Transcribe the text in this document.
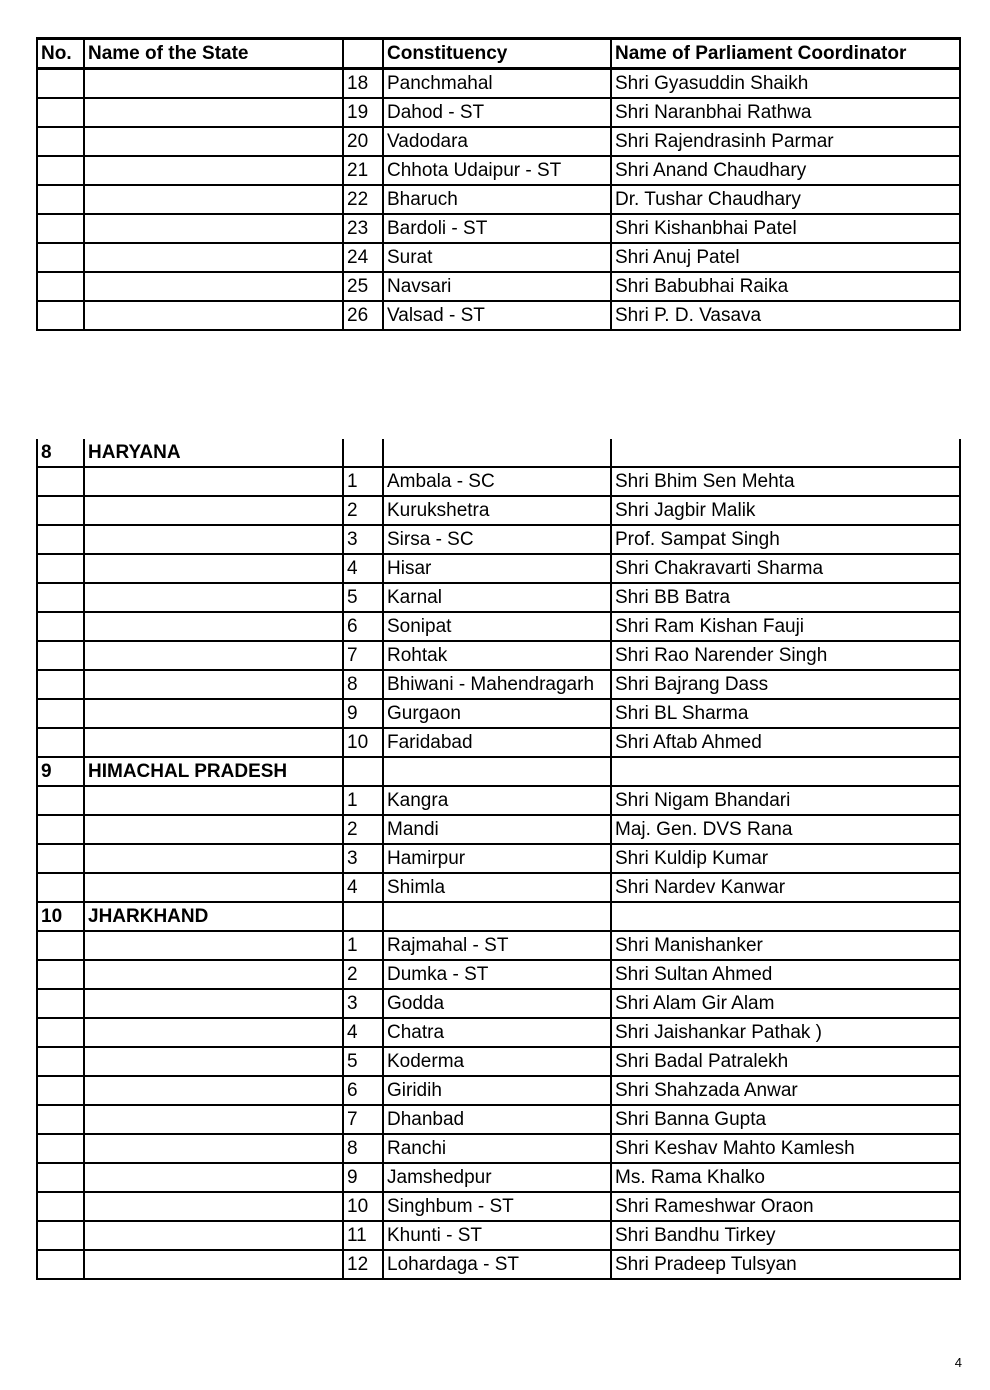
No.	Name of the State		Constituency	Name of Parliament Coordinator
		18	Panchmahal	Shri Gyasuddin Shaikh
		19	Dahod - ST	Shri Naranbhai Rathwa
		20	Vadodara	Shri Rajendrasinh Parmar
		21	Chhota Udaipur - ST	Shri Anand Chaudhary
		22	Bharuch	Dr. Tushar Chaudhary
		23	Bardoli - ST	Shri Kishanbhai Patel
		24	Surat	Shri Anuj Patel
		25	Navsari	Shri Babubhai Raika
		26	Valsad - ST	Shri P. D. Vasava
8	HARYANA			
		1	Ambala - SC	Shri Bhim Sen Mehta
		2	Kurukshetra	Shri Jagbir Malik
		3	Sirsa - SC	Prof. Sampat Singh
		4	Hisar	Shri Chakravarti Sharma
		5	Karnal	Shri BB Batra
		6	Sonipat	Shri Ram Kishan Fauji
		7	Rohtak	Shri Rao Narender Singh
		8	Bhiwani - Mahendragarh	Shri Bajrang Dass
		9	Gurgaon	Shri BL Sharma
		10	Faridabad	Shri Aftab Ahmed
9	HIMACHAL PRADESH			
		1	Kangra	Shri Nigam Bhandari
		2	Mandi	Maj. Gen. DVS Rana
		3	Hamirpur	Shri Kuldip Kumar
		4	Shimla	Shri Nardev Kanwar
10	JHARKHAND			
		1	Rajmahal - ST	Shri Manishanker
		2	Dumka - ST	Shri Sultan Ahmed
		3	Godda	Shri Alam Gir Alam
		4	Chatra	Shri Jaishankar Pathak )
		5	Koderma	Shri Badal Patralekh
		6	Giridih	Shri Shahzada Anwar
		7	Dhanbad	Shri Banna Gupta
		8	Ranchi	Shri Keshav Mahto Kamlesh
		9	Jamshedpur	Ms. Rama Khalko
		10	Singhbum - ST	Shri Rameshwar Oraon
		11	Khunti - ST	Shri Bandhu Tirkey
		12	Lohardaga - ST	Shri Pradeep Tulsyan
4
